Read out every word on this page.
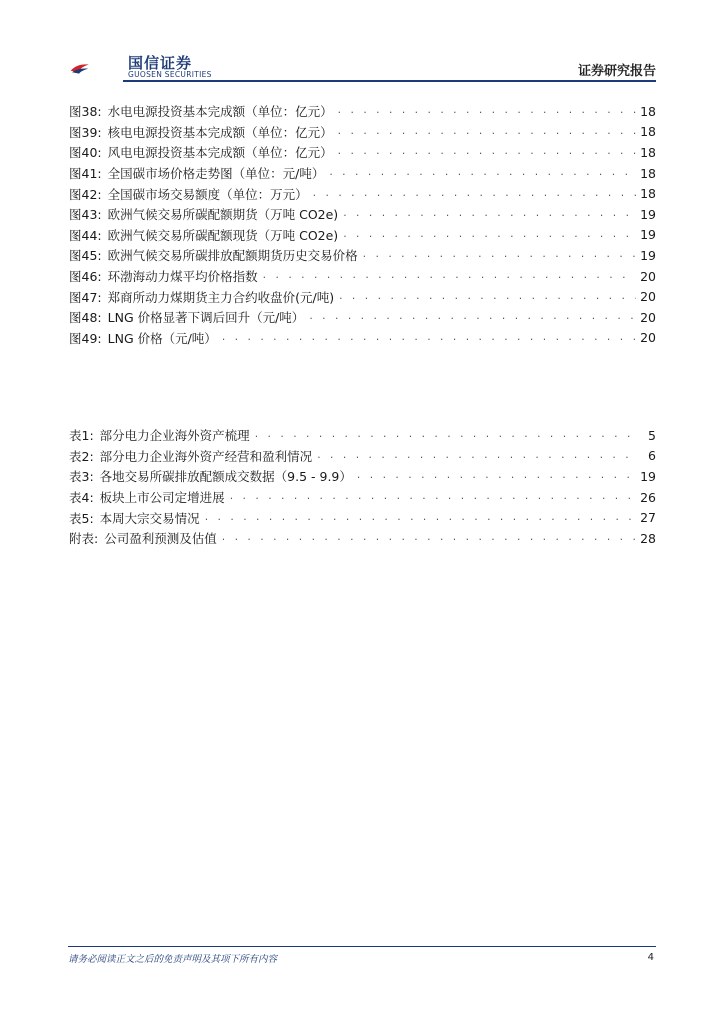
国信证券
GUOSEN SECURITIES	证券研究报告
图38: 水电电源投资基本完成额（单位：亿元） . . .	18
图39: 核电电源投资基本完成额（单位：亿元） . . .	18
图40: 风电电源投资基本完成额（单位：亿元） . . .	18
图41: 全国碳市场价格走势图（单位：元/吨） . . .	18
图42: 全国碳市场交易额度（单位：万元） . . .	18
图43: 欧洲气候交易所碳配额期货（万吨 CO2e) . . .	19
图44: 欧洲气候交易所碳配额现货（万吨 CO2e) . . .	19
图45: 欧洲气候交易所碳排放配额期货历史交易价格 . . .	19
图46: 环渤海动力煤平均价格指数 . . .	20
图47: 郑商所动力煤期货主力合约收盘价(元/吨) . . .	20
图48: LNG 价格显著下调后回升（元/吨） . . .	20
图49: LNG 价格（元/吨） . . .	20
表1: 部分电力企业海外资产梳理 . . .	5
表2: 部分电力企业海外资产经营和盈利情况 . . .	6
表3: 各地交易所碳排放配额成交数据（9.5 - 9.9） . . .	19
表4: 板块上市公司定增进展 . . .	26
表5: 本周大宗交易情况 . . .	27
附表: 公司盈利预测及估值 . . .	28
请务必阅读正文之后的免责声明及其项下所有内容	4
